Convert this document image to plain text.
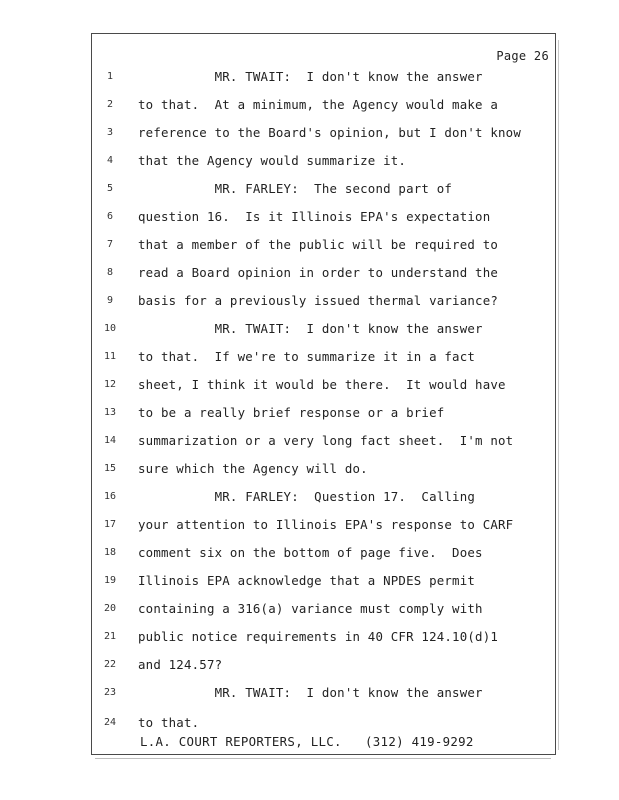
Page 26
1	MR. TWAIT:  I don't know the answer
2	to that.  At a minimum, the Agency would make a
3	reference to the Board's opinion, but I don't know
4	that the Agency would summarize it.
5	MR. FARLEY:  The second part of
6	question 16.  Is it Illinois EPA's expectation
7	that a member of the public will be required to
8	read a Board opinion in order to understand the
9	basis for a previously issued thermal variance?
10 MR. TWAIT:  I don't know the answer
11 to that.  If we're to summarize it in a fact
12 sheet, I think it would be there.  It would have
13 to be a really brief response or a brief
14 summarization or a very long fact sheet.  I'm not
15 sure which the Agency will do.
16 MR. FARLEY:  Question 17.  Calling
17 your attention to Illinois EPA's response to CARF
18 comment six on the bottom of page five.  Does
19 Illinois EPA acknowledge that a NPDES permit
20 containing a 316(a) variance must comply with
21 public notice requirements in 40 CFR 124.10(d)1
22 and 124.57?
23 MR. TWAIT:  I don't know the answer
24 to that.
L.A. COURT REPORTERS, LLC.   (312) 419-9292
